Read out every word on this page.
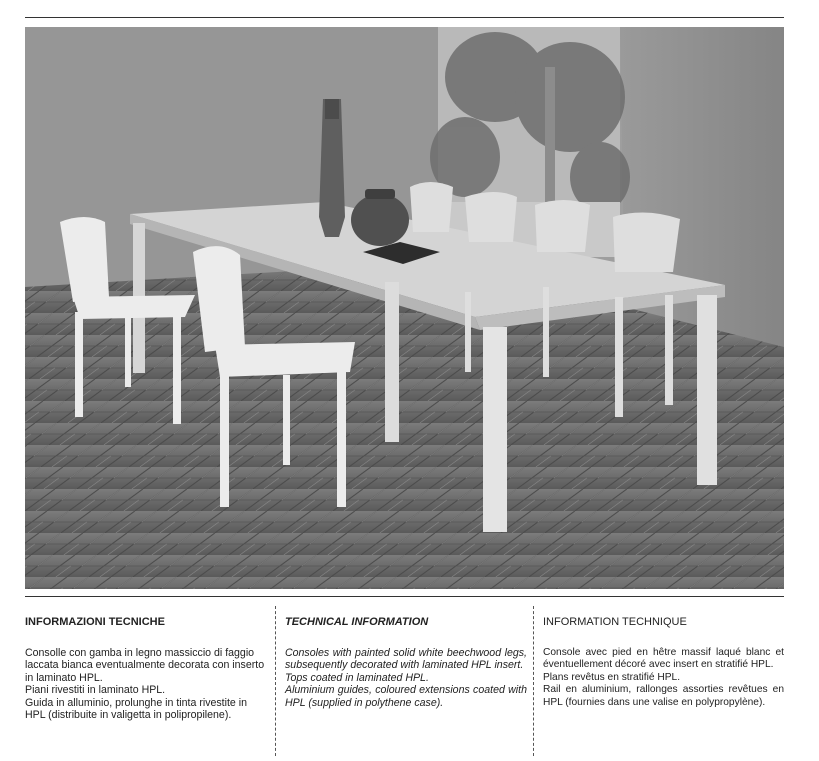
INFORMAZIONI TECNICHE

Consolle con gamba in legno massiccio di faggio laccata bianca eventualmente decorata con inserto in laminato HPL.

Piani rivestiti in laminato HPL.

Guida in alluminio, prolunghe in tinta rivestite in HPL (distribuite in valigetta in polipropilene).

TECHNICAL INFORMATION

Consoles with painted solid white beechwood legs, subsequently decorated with laminated HPL insert.

Tops coated in laminated HPL.

Aluminium guides, coloured extensions coated with HPL (supplied in polythene case).

INFORMATION TECHNIQUE

Console avec pied en hêtre massif laqué blanc et éventuellement décoré avec insert en stratifié HPL.

Plans revêtus en stratifié HPL.

Rail en aluminium, rallonges assorties revêtues en HPL (fournies dans une valise en polypropylène).
